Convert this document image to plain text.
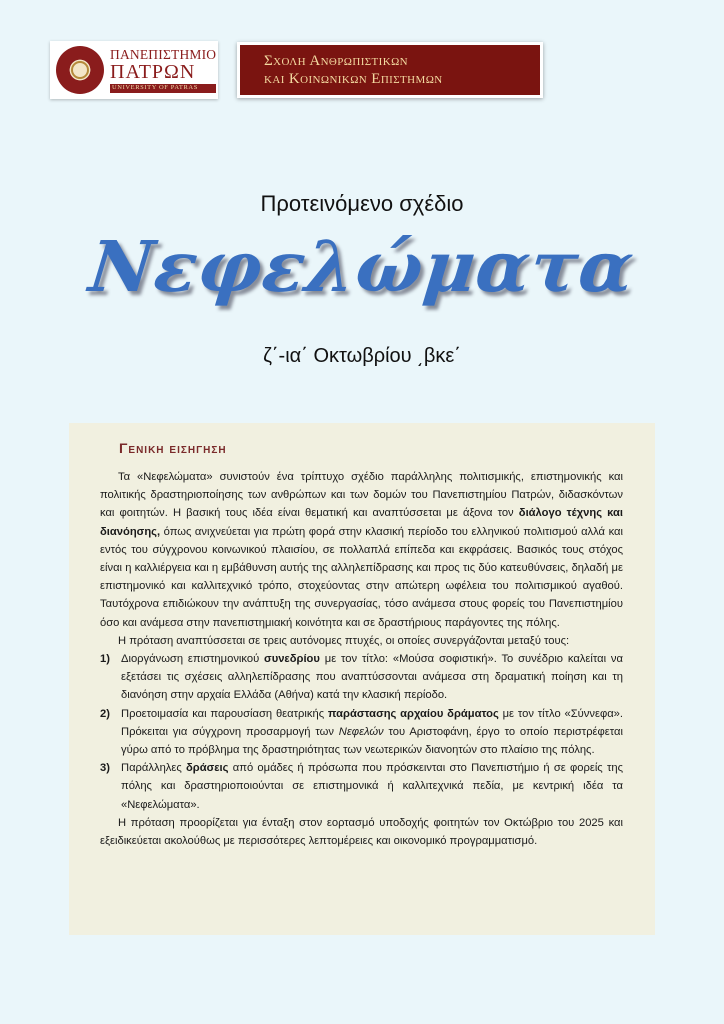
ΠΑΝΕΠΙΣΤΗΜΙΟ
ΠΑΤΡΩΝ
UNIVERSITY OF PATRAS
Σχολη Ανθρωπιστικων
και Κοινωνικων Επιστημων
Προτεινόμενο σχέδιο
Νεφελώματα
ζ΄-ια΄ Οκτωβρίου ͵βκε΄
Γενικη εισηγηση

Τα «Νεφελώματα» συνιστούν ένα τρίπτυχο σχέδιο παράλληλης πολιτισμικής, επιστημονικής και πολιτικής δραστηριοποίησης των ανθρώπων και των δομών του Πανεπιστημίου Πατρών, διδασκόντων και φοιτητών. Η βασική τους ιδέα είναι θεματική και αναπτύσσεται με άξονα τον διάλογο τέχνης και διανόησης, όπως ανιχνεύεται για πρώτη φορά στην κλασική περίοδο του ελληνικού πολιτισμού αλλά και εντός του σύγχρονου κοινωνικού πλαισίου, σε πολλαπλά επίπεδα και εκφράσεις. Βασικός τους στόχος είναι η καλλιέργεια και η εμβάθυνση αυτής της αλληλεπίδρασης και προς τις δύο κατευθύνσεις, δηλαδή με επιστημονικό και καλλιτεχνικό τρόπο, στοχεύοντας στην απώτερη ωφέλεια του πολιτισμικού αγαθού. Ταυτόχρονα επιδιώκουν την ανάπτυξη της συνεργασίας, τόσο ανάμεσα στους φορείς του Πανεπιστημίου όσο και ανάμεσα στην πανεπιστημιακή κοινότητα και σε δραστήριους παράγοντες της πόλης.

Η πρόταση αναπτύσσεται σε τρεις αυτόνομες πτυχές, οι οποίες συνεργάζονται μεταξύ τους:

1) Διοργάνωση επιστημονικού συνεδρίου με τον τίτλο: «Μούσα σοφιστική». Το συνέδριο καλείται να εξετάσει τις σχέσεις αλληλεπίδρασης που αναπτύσσονται ανάμεσα στη δραματική ποίηση και τη διανόηση στην αρχαία Ελλάδα (Αθήνα) κατά την κλασική περίοδο.
2) Προετοιμασία και παρουσίαση θεατρικής παράστασης αρχαίου δράματος με τον τίτλο «Σύννεφα». Πρόκειται για σύγχρονη προσαρμογή των Νεφελών του Αριστοφάνη, έργο το οποίο περιστρέφεται γύρω από το πρόβλημα της δραστηριότητας των νεωτερικών διανοητών στο πλαίσιο της πόλης.
3) Παράλληλες δράσεις από ομάδες ή πρόσωπα που πρόσκεινται στο Πανεπιστήμιο ή σε φορείς της πόλης και δραστηριοποιούνται σε επιστημονικά ή καλλιτεχνικά πεδία, με κεντρική ιδέα τα «Νεφελώματα».

Η πρόταση προορίζεται για ένταξη στον εορτασμό υποδοχής φοιτητών τον Οκτώβριο του 2025 και εξειδικεύεται ακολούθως με περισσότερες λεπτομέρειες και οικονομικό προγραμματισμό.
